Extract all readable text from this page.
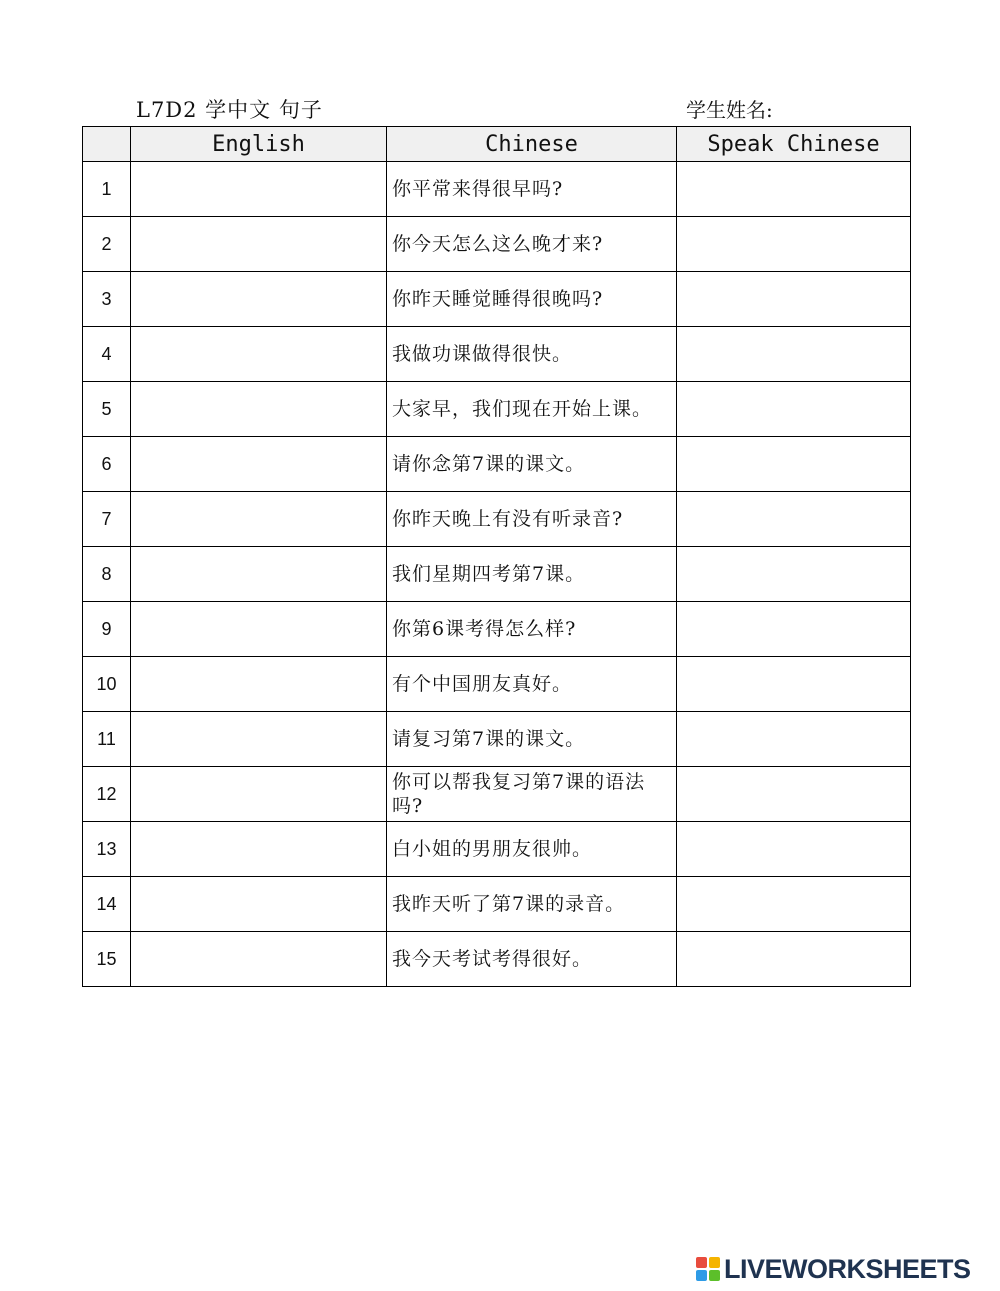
L7D2 学中文 句子	学生姓名:
	English	Chinese	Speak Chinese
1		你平常来得很早吗?	
2		你今天怎么这么晚才来?	
3		你昨天睡觉睡得很晚吗?	
4		我做功课做得很快。	
5		大家早，我们现在开始上课。	
6		请你念第7课的课文。	
7		你昨天晚上有没有听录音?	
8		我们星期四考第7课。	
9		你第6课考得怎么样?	
10		有个中国朋友真好。	
11		请复习第7课的课文。	
12		你可以帮我复习第7课的语法吗?	
13		白小姐的男朋友很帅。	
14		我昨天听了第7课的录音。	
15		我今天考试考得很好。	
LIVEWORKSHEETS
